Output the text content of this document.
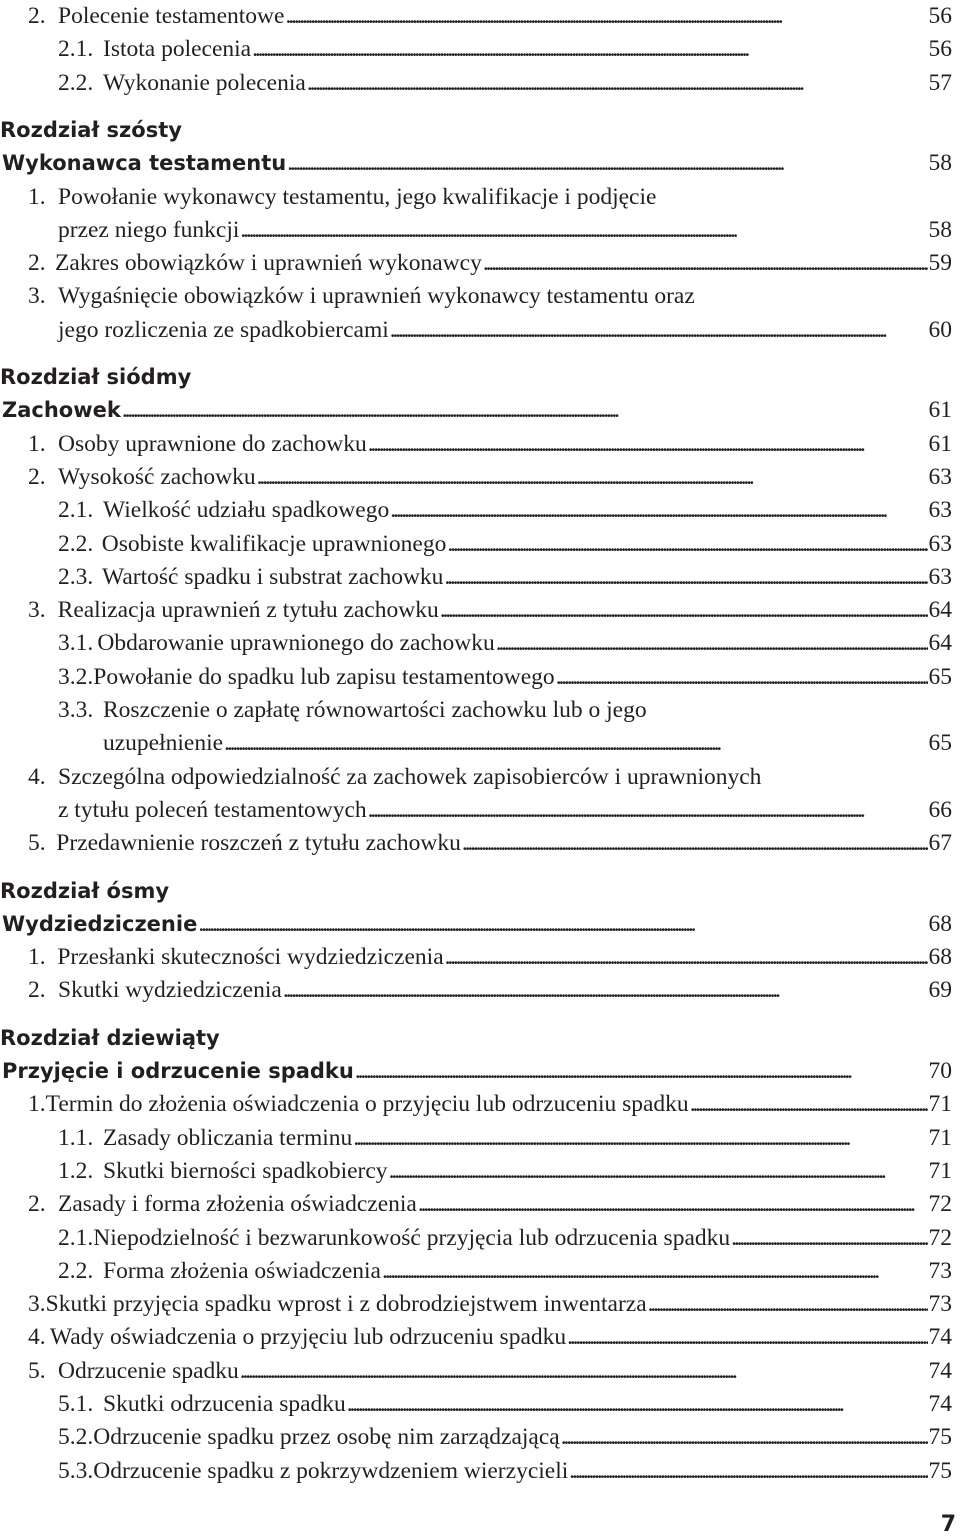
2. Polecenie testamentowe . . .	56
2.1. Istota polecenia . . .	56
2.2. Wykonanie polecenia . . .	57
Rozdział szósty
Wykonawca testamentu . . .	58
1. Powołanie wykonawcy testamentu, jego kwalifikacje i podjęcie
przez niego funkcji . . .	58
2. Zakres obowiązków i uprawnień wykonawcy . . .	59
3. Wygaśnięcie obowiązków i uprawnień wykonawcy testamentu oraz
jego rozliczenia ze spadkobiercami . . .	60
Rozdział siódmy
Zachowek . . .	61
1. Osoby uprawnione do zachowku . . .	61
2. Wysokość zachowku . . .	63
2.1. Wielkość udziału spadkowego . . .	63
2.2. Osobiste kwalifikacje uprawnionego . . .	63
2.3. Wartość spadku i substrat zachowku . . .	63
3. Realizacja uprawnień z tytułu zachowku . . .	64
3.1. Obdarowanie uprawnionego do zachowku . . .	64
3.2. Powołanie do spadku lub zapisu testamentowego . . .	65
3.3. Roszczenie o zapłatę równowartości zachowku lub o jego
uzupełnienie . . .	65
4. Szczególna odpowiedzialność za zachowek zapisobierców i uprawnionych
z tytułu poleceń testamentowych . . .	66
5. Przedawnienie roszczeń z tytułu zachowku . . .	67
Rozdział ósmy
Wydziedziczenie . . .	68
1. Przesłanki skuteczności wydziedziczenia . . .	68
2. Skutki wydziedziczenia . . .	69
Rozdział dziewiąty
Przyjęcie i odrzucenie spadku . . .	70
1. Termin do złożenia oświadczenia o przyjęciu lub odrzuceniu spadku . . .	71
1.1. Zasady obliczania terminu . . .	71
1.2. Skutki bierności spadkobiercy . . .	71
2. Zasady i forma złożenia oświadczenia . . .	72
2.1. Niepodzielność i bezwarunkowość przyjęcia lub odrzucenia spadku . . .	72
2.2. Forma złożenia oświadczenia . . .	73
3. Skutki przyjęcia spadku wprost i z dobrodziejstwem inwentarza . . .	73
4. Wady oświadczenia o przyjęciu lub odrzuceniu spadku . . .	74
5. Odrzucenie spadku . . .	74
5.1. Skutki odrzucenia spadku . . .	74
5.2. Odrzucenie spadku przez osobę nim zarządzającą . . .	75
5.3. Odrzucenie spadku z pokrzywdzeniem wierzycieli . . .	75
7
